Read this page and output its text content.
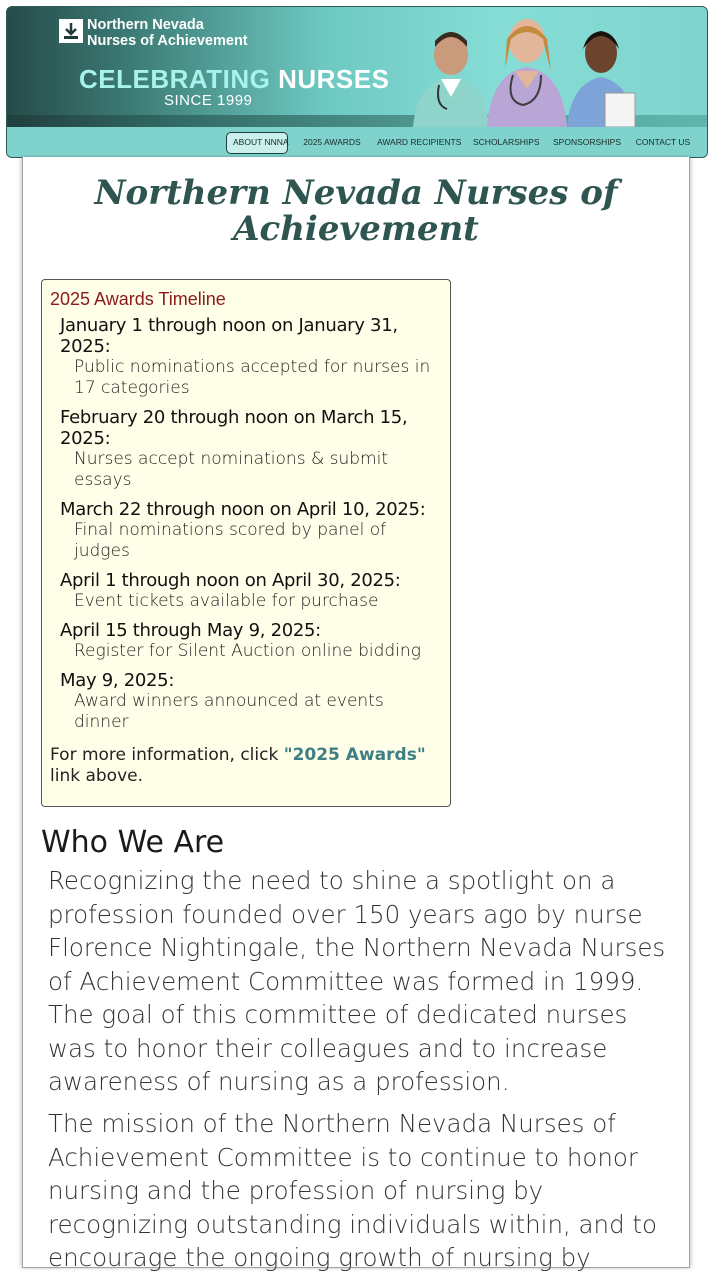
Northern Nevada
Nurses of Achievement
CELEBRATING NURSES
SINCE 1999
ABOUT NNNA 2025 AWARDS AWARD RECIPIENTS SCHOLARSHIPS SPONSORSHIPS CONTACT US
Northern Nevada Nurses of Achievement
2025 Awards Timeline
January 1 through noon on January 31, 2025:
Public nominations accepted for nurses in 17 categories
February 20 through noon on March 15, 2025:
Nurses accept nominations & submit essays
March 22 through noon on April 10, 2025:
Final nominations scored by panel of judges
April 1 through noon on April 30, 2025:
Event tickets available for purchase
April 15 through May 9, 2025:
Register for Silent Auction online bidding
May 9, 2025:
Award winners announced at events dinner
For more information, click "2025 Awards" link above.
Who We Are
Recognizing the need to shine a spotlight on a profession founded over 150 years ago by nurse Florence Nightingale, the Northern Nevada Nurses of Achievement Committee was formed in 1999. The goal of this committee of dedicated nurses was to honor their colleagues and to increase awareness of nursing as a profession.
The mission of the Northern Nevada Nurses of Achievement Committee is to continue to honor nursing and the profession of nursing by recognizing outstanding individuals within, and to encourage the ongoing growth of nursing by
